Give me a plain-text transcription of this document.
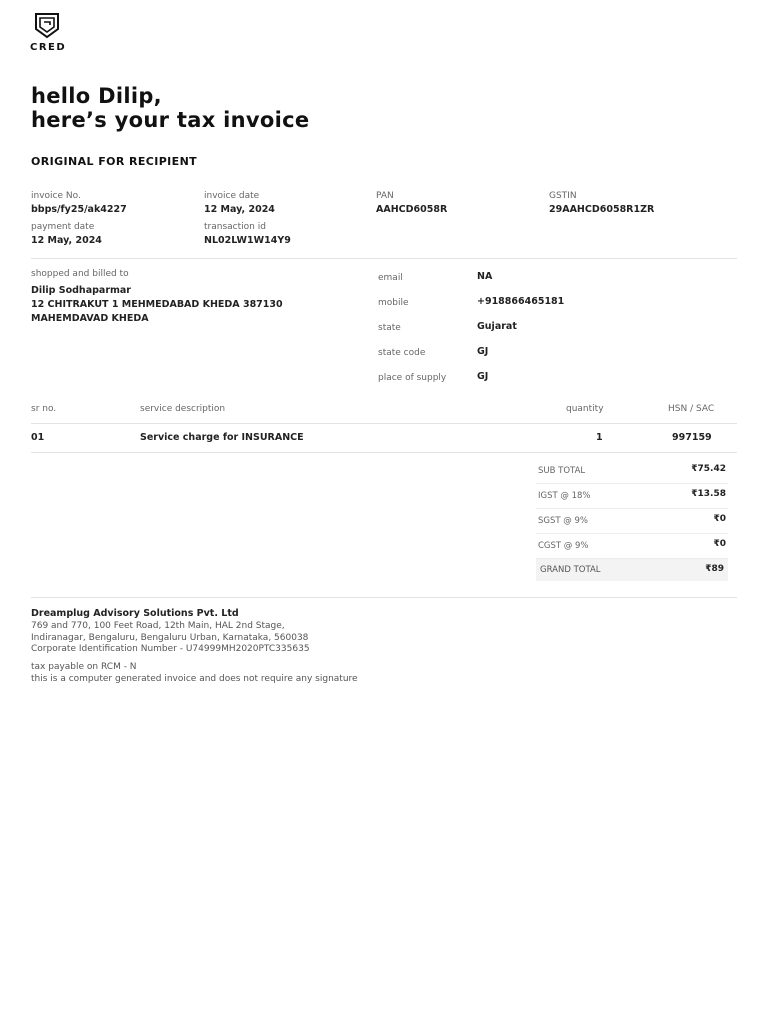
CRED
hello Dilip,
here’s your tax invoice
ORIGINAL FOR RECIPIENT
invoice No.
bbps/fy25/ak4227
invoice date
12 May, 2024
PAN
AAHCD6058R
GSTIN
29AAHCD6058R1ZR
payment date
12 May, 2024
transaction id
NL02LW1W14Y9
shopped and billed to
Dilip Sodhaparmar
12 CHITRAKUT 1 MEHMEDABAD KHEDA 387130
MAHEMDAVAD KHEDA
email	NA
mobile	+918866465181
state	Gujarat
state code	GJ
place of supply	GJ
sr no.	service description	quantity	HSN / SAC
01	Service charge for INSURANCE	1	997159
SUB TOTAL	₹75.42
IGST @ 18%	₹13.58
SGST @ 9%	₹0
CGST @ 9%	₹0
GRAND TOTAL	₹89
Dreamplug Advisory Solutions Pvt. Ltd
769 and 770, 100 Feet Road, 12th Main, HAL 2nd Stage,
Indiranagar, Bengaluru, Bengaluru Urban, Karnataka, 560038
Corporate Identification Number - U74999MH2020PTC335635
tax payable on RCM - N
this is a computer generated invoice and does not require any signature
